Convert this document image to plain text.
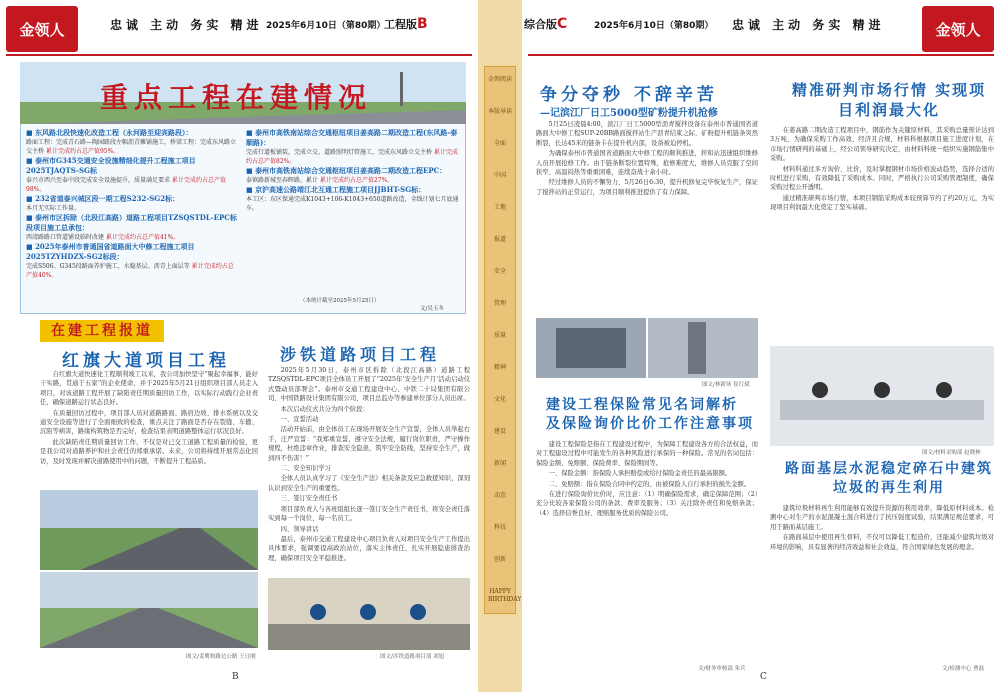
金领人	忠诚 主动 务实 精进 2025年6月10日（第80期）
工程版B
重点工程在建情况
■ 东风路北段快速化改造工程（永河路至迎宾路段）：
路面工程：完成青石路—陶园路段左幅沥青摊铺施工，桥梁工程：完成东风路立交主桥 累计完成约占总产值95%。
■ 泰州市G345交通安全设施精细化提升工程施工项目2025TJAQTS-SG标
泰兴市西兴至泰中段完成安全设施提升，质量满足要求 累计完成约占总产值98%。
■ 232省道泰兴城区段一期工程S232-SG2标：
本月无实际工作量。
■ 泰州市区拆除（北段江高路）道路工程项目TZSQSTDL-EPC标段项目施工总承包：
西湾路路口管道铺设临时改建 累计完成约占总产值41%。
■ 2025年泰州市普通国省道路面大中修工程施工项目2025TZYHDZX-SG2标段：
完成S506、G345段路面养护施工，水稳基层、沥青上面层等 累计完成约占总产值40%。
■ 泰州市高铁南站综合交通枢纽项目姜高路二期改造工程(东风路-泰顺路)：
完成行道板铺装，完成立交、道路照明灯管施工，完成东风路立交主桥 累计完成约占总产值82%。
■ 泰州市高铁南站综合交通枢纽项目姜高路二期改造工程EPC：
泰镇路新城至春晖路，累计 累计完成约占总产值27%。
■ 京沪高速公路靖江北互通工程施工项目JJBHT-SG标：
本工区：东区保通完成K1043+106-K1043+650道路改造，全线计划七月底通车。
（本统计截至2025年5月25日）
文/吴玉冬
在建工程报道
红旗大道项目工程

自红旗大道快速化工程顺利竣工以来，我公司加快坚守“聚起幸福事、能好干实路，贯通于五家”的企业使命，并于2025年5月21日组织项目部人员走入项目，对该道路工程开展了缺陷责任期质量回访工作，以实际行动践行企业责任，确保道路运行状态良好。

在质量回访过程中，项目部人员对道路路面、路肩边坡、排水系统以及交通安全设施等进行了全面细致的检查，重点关注了路面是否存在裂缝、车辙、沉陷等病害，路缘构筑物是否完好，检查结果表明道路整体运行状况良好。

此次缺陷责任期质量回访工作，不仅是对已交工道路工程质量的检验，更是我公司对道路养护和社会责任的郑重承诺。未来，公司将持续开展常态化回访，及时发现并解决道路使用中的问题，不断提升工程品质。

图文/姜鹰和路边公路 王日刚
涉铁道路项目工程

2025年5月30日，泰州市区拆除（北段江高路）道路工程TZSQSTDL-EPC项目全体员工开展了“2025年‘安全生产月’活动启动仪式暨动员部署会”。泰州市交通工程建设中心、中铁二十局集团有限公司、中国铁路设计集团有限公司、项目总监办等参建单位部分人员出席。

本次启动仪式共分为四个阶段：

一、宣誓活动

活动开始前，由全体员工在现场开展安全生产宣誓，全体人员举起右手，庄严宣誓：“我郑重宣誓，遵守安全法规，履行岗位职责，严守操作规程，杜绝违章作业，排查安全隐患，筑牢安全防线，坚持安全生产，做到四不伤害！”

二、安全知识学习

全体人员认真学习了《安全生产法》相关条款及应急救援知识，深刻认识到安全生产的重要性。

三、签订安全责任书

项目部负责人与各班组组长逐一签订安全生产责任书，将安全责任落实到每一个岗位、每一名员工。

四、领导讲话

最后，泰州市交通工程建设中心项目负责人对项目安全生产工作提出具体要求，强调要提高政治站位，落实主体责任，扎实开展隐患排查治理，确保项目安全平稳推进。

图文/涉铁道路项目部 刘旭
B
金领阅读
本版导读
全面
中国
工地
报道
安全
管理
质量
精神
文化
建设
新闻
动态
科技
创新
HAPPY BIRTHDAY
综合版C	2025年6月10日（第80期） 忠诚 主动 务实 精进	金领人
争分夺秒 不辞辛苦
—记滨江厂日工5000型矿粉提升机抢修

5月25日凌晨4:00，滨江厂日工5000型沥青搅拌设备在泰州市普通国省道路面大中修工程SUP-20BB路面搅拌站生产沥青结束之际，矿粉提升机链条突然断裂，长达45米的链条卡在提升机内部，设备被迫停机。

为确保泰州市普通国省道路面大中修工程的顺利推进，拌和站迅速组织维修人员开展抢修工作。由于链条断裂位置特殊，抢修难度大，维修人员克服了空间狭窄、高温闷热等重重困难，连续奋战十余小时。

经过维修人员的不懈努力，5月26日6:30，提升机修复完毕恢复生产，保证了搅拌站的正常运行，为项目顺利推进提供了有力保障。

图文/林新场 崔红斌
建设工程保险常见名词解析 及保险询价比价工作注意事项

建设工程保险是指在工程建设过程中，为保障工程建设各方的合法权益，而对工程建设过程中可能发生的各种风险进行承保的一种保险。常见的名词包括：保险金额、免赔额、保险费率、保险期间等。

一、保险金额：指保险人承担赔偿或给付保险金责任的最高限额。

二、免赔额：指在保险合同中约定的、由被保险人自行承担的损失金额。

在进行保险询价比价时，应注意：（1）明确保险需求，确定保障范围；（2）充分比较各家保险公司的条款、费率及服务；（3）关注除外责任和免赔条款；（4）选择信誉良好、理赔服务优质的保险公司。

文/财务审核部 朱兵
精准研判市场行情 实现项目利润最大化

在姜高路二期改造工程项目中，钢筋作为关键原材料，其采购总量预计达到3万吨，为确保采购工作高效、经济且合规，材料科根据项目施工进度计划，在市场行情研判的基础上，经公司领导研究决定，由材料科统一组织实施钢筋集中采购。

材料科通过多方询价、比价，及时掌握钢材市场价格波动趋势，选择合适的时机进行采购，有效降低了采购成本。同时，严格执行公司采购管理制度，确保采购过程公开透明。

通过精准研判市场行情，本项目钢筋采购成本较预算节约了约20万元，为实现项目利润最大化奠定了坚实基础。

图文/材料采购部 赵晓林
路面基层水泥稳定碎石中建筑垃圾的再生利用

建筑垃圾材料再生利用能够有效提升资源的利用效率，降低原材料成本。检测中心对生产的水泥混凝土混合料进行了抗压强度试验，结果满足规范要求，可用于路面基层施工。

在路面基层中使用再生骨料，不仅可以降低工程造价，还能减少建筑垃圾对环境的影响，具有显著的经济效益和社会效益，符合国家绿色发展的理念。

文/检测中心 曹磊
C
